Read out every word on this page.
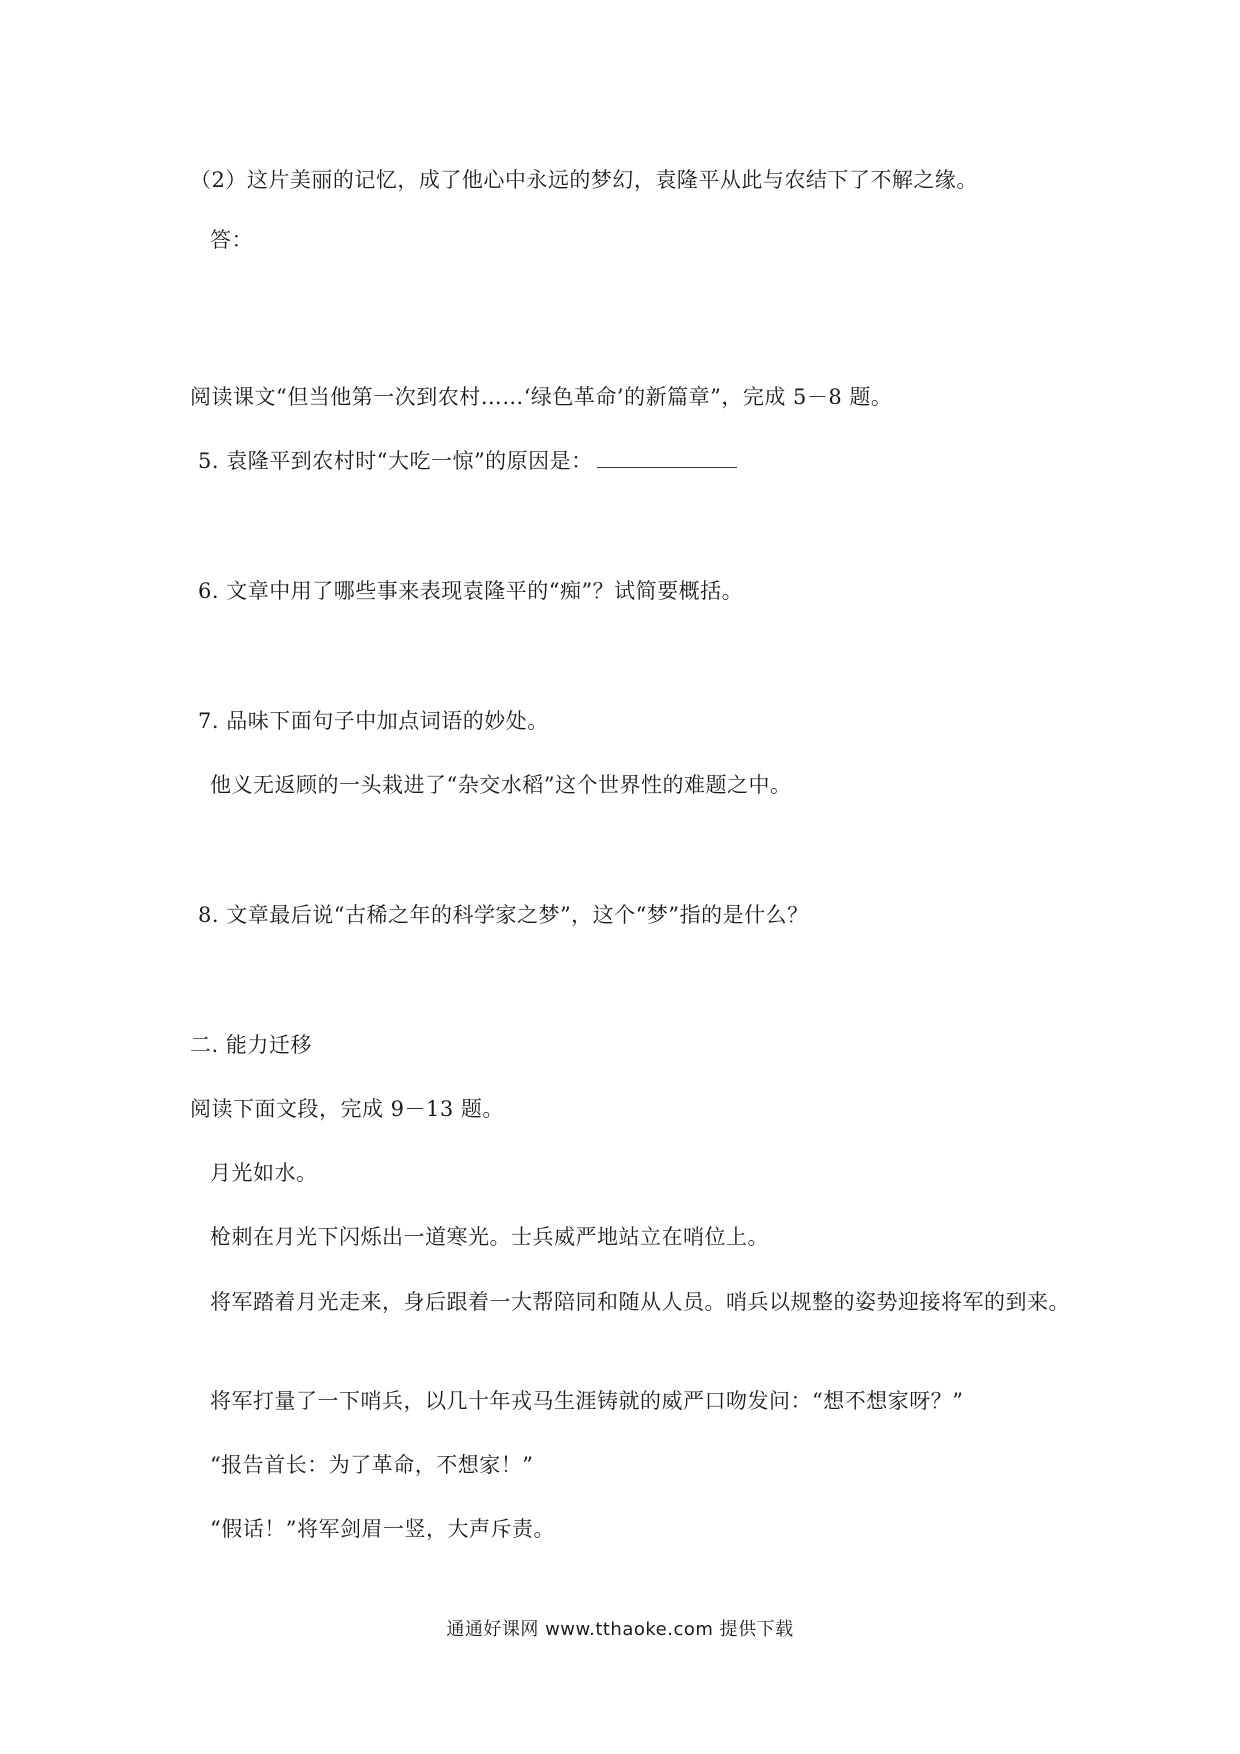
（2）这片美丽的记忆，成了他心中永远的梦幻，袁隆平从此与农结下了不解之缘。
答：
阅读课文“但当他第一次到农村……‘绿色革命’的新篇章”，完成 5－8 题。
5. 袁隆平到农村时“大吃一惊”的原因是：
6. 文章中用了哪些事来表现袁隆平的“痴”？试简要概括。
7. 品味下面句子中加点词语的妙处。
他义无返顾的一头栽进了“杂交水稻”这个世界性的难题之中。
8. 文章最后说“古稀之年的科学家之梦”，这个“梦”指的是什么？
二. 能力迁移
阅读下面文段，完成 9－13 题。
月光如水。
枪刺在月光下闪烁出一道寒光。士兵威严地站立在哨位上。
将军踏着月光走来，身后跟着一大帮陪同和随从人员。哨兵以规整的姿势迎接将军的到来。
将军打量了一下哨兵，以几十年戎马生涯铸就的威严口吻发问：“想不想家呀？”
“报告首长：为了革命，不想家！”
“假话！”将军剑眉一竖，大声斥责。
通通好课网 www.tthaoke.com 提供下载
